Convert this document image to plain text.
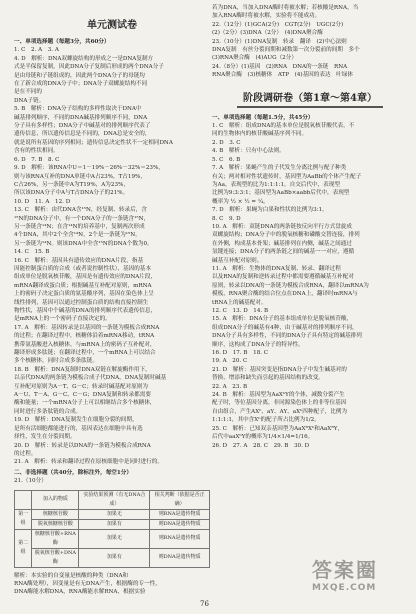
单元测试卷
一、单项选择题（每题3分，共60分）
1. C　2. A　3. A
4. D　解析：DNA双螺旋结构的形成之一是DNA复制方
式是半保留复制，因此DNA分子复制后形成的两个DNA分子
是由母链和子链组成的，因此两个DNA分子的母链均
在了新合成的DNA分子中；DNA分子双螺旋结构不同
是在不同的
DNA子链。
5. B　解析：DNA分子结构的多样性取决于DNA中
碱基排列顺序，不同的DNA碱基排列顺序不同，DNA
分子具有多样性；DNA分子中碱基对的排列顺序代表了
遗传信息，所以遗传信息是不同的，DNA总是安全的，
就是说所有基因的序列相同；遗传信息决定性状不一定相同DNA
含有的性状相同。
6. D　7. B　8. C
9. D　解析：该RNA中U＝1－19%－26%－32%＝23%，
则与该RNA互补的DNA单链中A占23%，T占19%，
C占26%，另一条链中A为T19%，A为23%，
所以该DNA分子中A与T占DNA分子的21%。
10. D　11. A　12. D
13. C　解析：由代DNA含¹⁵N，经复制、转录后，含
¹⁵N的DNA分子中，有一个DNA分子的一条链含¹⁵N，
另一条链含¹⁴N；在含¹⁴N的培养基中，复制两次形成
4个DNA，其中2个全含¹⁴N，2个是一条链为¹⁵N，
另一条链为¹⁴N。则该DNA中全含¹⁵N的DNA个数为0。
14. C　15. B
16. C　解析：基因具有遗传效应的DNA片段，指基
因能控制蛋白质的合成（或者说控制性状），基因的基本
组成单位是脱氧核苷酸，基因是有遗传效应的DNA片段，
mRNA翻译成蛋白质；根据碱基互补配对原则，mRNA
上的密码子决定蛋白质的氨基酸序列，基因在染色体上呈
线性排列，基因可以通过控制蛋白质的结构直接控制生
物性状，基因中个碱基的DNA的排列顺序代表遗传信息，
是mRNA上的一个密码子直接决定的。
17. A　解析：基因转录是以基因的一条链为模板合成RNA
的过程；在翻译过程中，核糖体沿着mRNA移动，tRNA
携带氨基酸进入核糖体，与mRNA上的密码子互补配对，
翻译形成多肽链；在翻译过程中，一个mRNA上可以结合
多个核糖体，同时合成多条肽链。
18. B　解析：DNA复制时DNA双链在解旋酶作用下，
以亲代DNA的两条链为模板合成子代DNA，DNA复制时碱基
互补配对原则为A－T、G－C；转录时碱基配对原则为
A－U、T－A、G－C、C－G；DNA复制和转录都需要
酶和能量；一个mRNA分子上可以相继结合多个核糖体，
同时进行多条肽链的合成。
19. D　解析：DNA复制发生在细胞分裂的间期，
是所有活细胞都能进行的，基因表达在细胞中具有选
择性，发生在分裂间期。
20. D　解析：转录是以DNA的一条链为模板合成RNA
的过程。
21. A　解析：转录和翻译过程在原核细胞中是同时进行的。
二、非选择题（共40分，除标注外，每空1分）
21.（10分）
	加入的物质	实验结果预测（有无DNA合成）	相关判断（依据是否正确）
第一组	核糖核苷酸	加果无	则RNA是遗传物质
	脱氧核糖核苷酸	加果有	则DNA是遗传物质
第二组	核糖核苷酸+RNA酶	加果无	则RNA是遗传物质
	脱氧核苷酸+DNA酶	加果有	则DNA是遗传物质
解析：本实验的自变量是核酸的种类（DNA和
RNA酶处理），因变量是有无DNA产生，根据酶的专一性，
DNA酶能水解DNA，RNA酶能水解RNA，根据实验
若为DNA，当加入DNA酶时将被水解；若核酸是RNA，当
加入RNA酶时将被水解，实验将不能成功。
22.（12分）(1)GCA(2分)　CGT(2分)　UGC(2分)
(2)（2分）(3)DNA（2分）　(4)DNA聚合酶
23.（10分）(1)DNA复制　转录　翻译　(2)中心法则
DNA复制　有丝分裂间期和减数第一次分裂前的间期　多个
(3)RNA聚合酶　(4)AUG（2分）
24.（8分）(1)基因　(2)RNA　DNA的一条链　RNA
RNA聚合酶　(3)核糖体　ATP　(4)基因的表达　叶绿体
阶段调研卷（第1章～第4章）
一、单项选择题（每题1.5分，共45分）
1. C　解析：组成DNA的基本单位是脱氧核苷酸代表，不
同的生物体内的核苷酸碱基序列不同。
2. D　3. C
4. B　解析：只有中心法则。
5. C　6. B
7. A　解析：果蝇产生的子代发生分离比例与配子种类
有关；两对相对性状遗传时，基因型为AaBb的个体产生配子
为Aa，表现型的比为1:1:1:1，自交后代中，表现型
比例为9:3:3:1；基因型为AaBb×aabb后代中，表现型
概率为 ½ × ½ = ¼。
7. D　解析：果蝇为白果和性状的比例为3:1。
8. C　9. D
10. A　解析：双链DNA的两条链按反向平行方式盘旋成
双螺旋结构；DNA分子中的脱氧核糖和磷酸交替连接，排列
在外侧，构成基本骨架；碱基排列在内侧，碱基之间通过
氢键连接；DNA分子的两条链之间的碱基一一对应，遵循
碱基互补配对原则。
11. A　解析：生物体的DNA复制、转录、翻译过程
以及RNA的复制和逆转录过程中都需要遵循碱基互补配对
原则，转录以DNA的一条链为模板合成RNA，翻译以mRNA为
模板，RNA聚合酶的结合位点在DNA上，翻译时mRNA与
tRNA上的碱基配对。
12. C　13. D　14. B
15. A　解析：DNA分子的基本组成单位是脱氧核苷酸，
组成DNA分子的碱基有4种，由于碱基对的排列顺序不同，
DNA分子具有多样性，不同的DNA分子具有特定的碱基排列
顺序，这构成了DNA分子的特异性。
16. D　17. B　18. C
19. A　20. C
21. D　解析：基因突变是指DNA分子中发生碱基对的
替换、增添和缺失而引起的基因结构的改变。
22. A　23. B
24. B　解析：基因型为AaXᵇY的个体，减数分裂产生
配子时，等位基因分离，非同源染色体上的非等位基因
自由组合，产生AXᵇ、aY、AY、aXᵇ四种配子，比例为
1:1:1:1，其中含Xᵇ的配子所占比例为1/2。
25. C　解析：已知双亲基因型为AaXᴮXᵇ和AaXᴮY，
后代中aaXᵇY的概率为1/4×1/4=1/16。
26. D　27. A　28. C　29. B　30. D
76
答案圈
MXQE.COM
